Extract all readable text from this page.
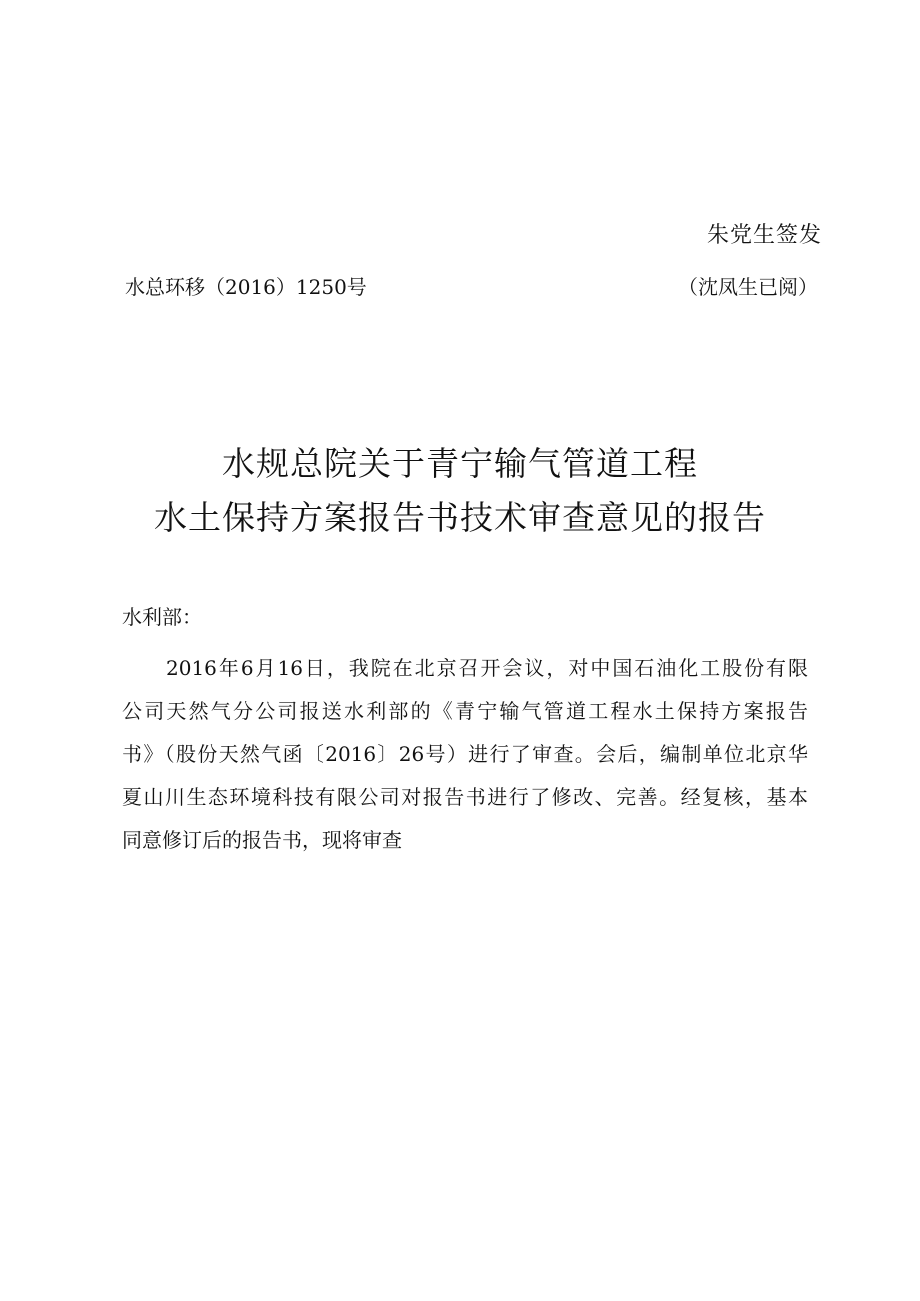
朱党生签发
水总环移（2016）1250号	（沈凤生已阅）
水规总院关于青宁输气管道工程
水土保持方案报告书技术审查意见的报告
水利部：
2016年6月16日，我院在北京召开会议，对中国石油化工股份有限
公司天然气分公司报送水利部的《青宁输气管道工程水土保持方案报告
书》（股份天然气函〔2016〕26号）进行了审查。会后，编制单位北京华
夏山川生态环境科技有限公司对报告书进行了修改、完善。经复核，基本
同意修订后的报告书，现将审查
